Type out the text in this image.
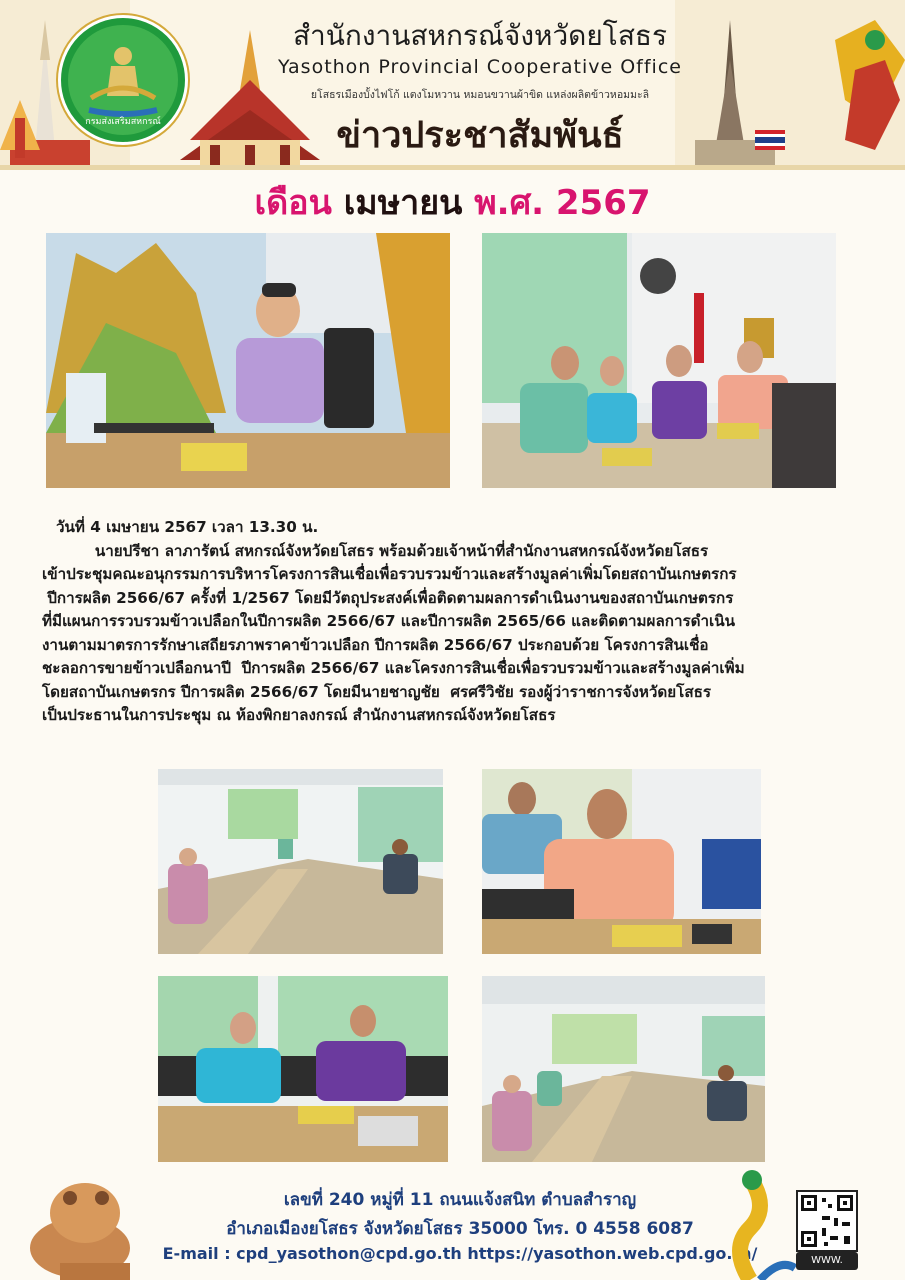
กรมส่งเสริมสหกรณ์
สำนักงานสหกรณ์จังหวัดยโสธร
Yasothon Provincial Cooperative Office
ยโสธรเมืองบั้งไฟโก้ แตงโมหวาน หมอนขวานผ้าขิด แหล่งผลิตข้าวหอมมะลิ
ข่าวประชาสัมพันธ์
เดือน เมษายน พ.ศ. 2567

วันที่ 4 เมษายน 2567 เวลา 13.30 น.

นายปรีชา ลาภารัตน์ สหกรณ์จังหวัดยโสธร พร้อมด้วยเจ้าหน้าที่สำนักงานสหกรณ์จังหวัดยโสธร

เข้าประชุมคณะอนุกรรมการบริหารโครงการสินเชื่อเพื่อรวบรวมข้าวและสร้างมูลค่าเพิ่มโดยสถาบันเกษตรกร

ปีการผลิต 2566/67 ครั้งที่ 1/2567 โดยมีวัตถุประสงค์เพื่อติดตามผลการดำเนินงานของสถาบันเกษตรกร

ที่มีแผนการรวบรวมข้าวเปลือกในปีการผลิต 2566/67 และปีการผลิต 2565/66 และติดตามผลการดำเนิน

งานตามมาตรการรักษาเสถียรภาพราคาข้าวเปลือก ปีการผลิต 2566/67 ประกอบด้วย โครงการสินเชื่อ

ชะลอการขายข้าวเปลือกนาปี  ปีการผลิต 2566/67 และโครงการสินเชื่อเพื่อรวบรวมข้าวและสร้างมูลค่าเพิ่ม

โดยสถาบันเกษตรกร ปีการผลิต 2566/67 โดยมีนายชาญชัย  ศรศรีวิชัย รองผู้ว่าราชการจังหวัดยโสธร

เป็นประธานในการประชุม ณ ห้องพิกยาลงกรณ์ สำนักงานสหกรณ์จังหวัดยโสธร

เลขที่ 240 หมู่ที่ 11 ถนนแจ้งสนิท ตำบลสำราญ
อำเภอเมืองยโสธร จังหวัดยโสธร 35000 โทร. 0 4558 6087
E-mail : cpd_yasothon@cpd.go.th https://yasothon.web.cpd.go.th/	WWW.
